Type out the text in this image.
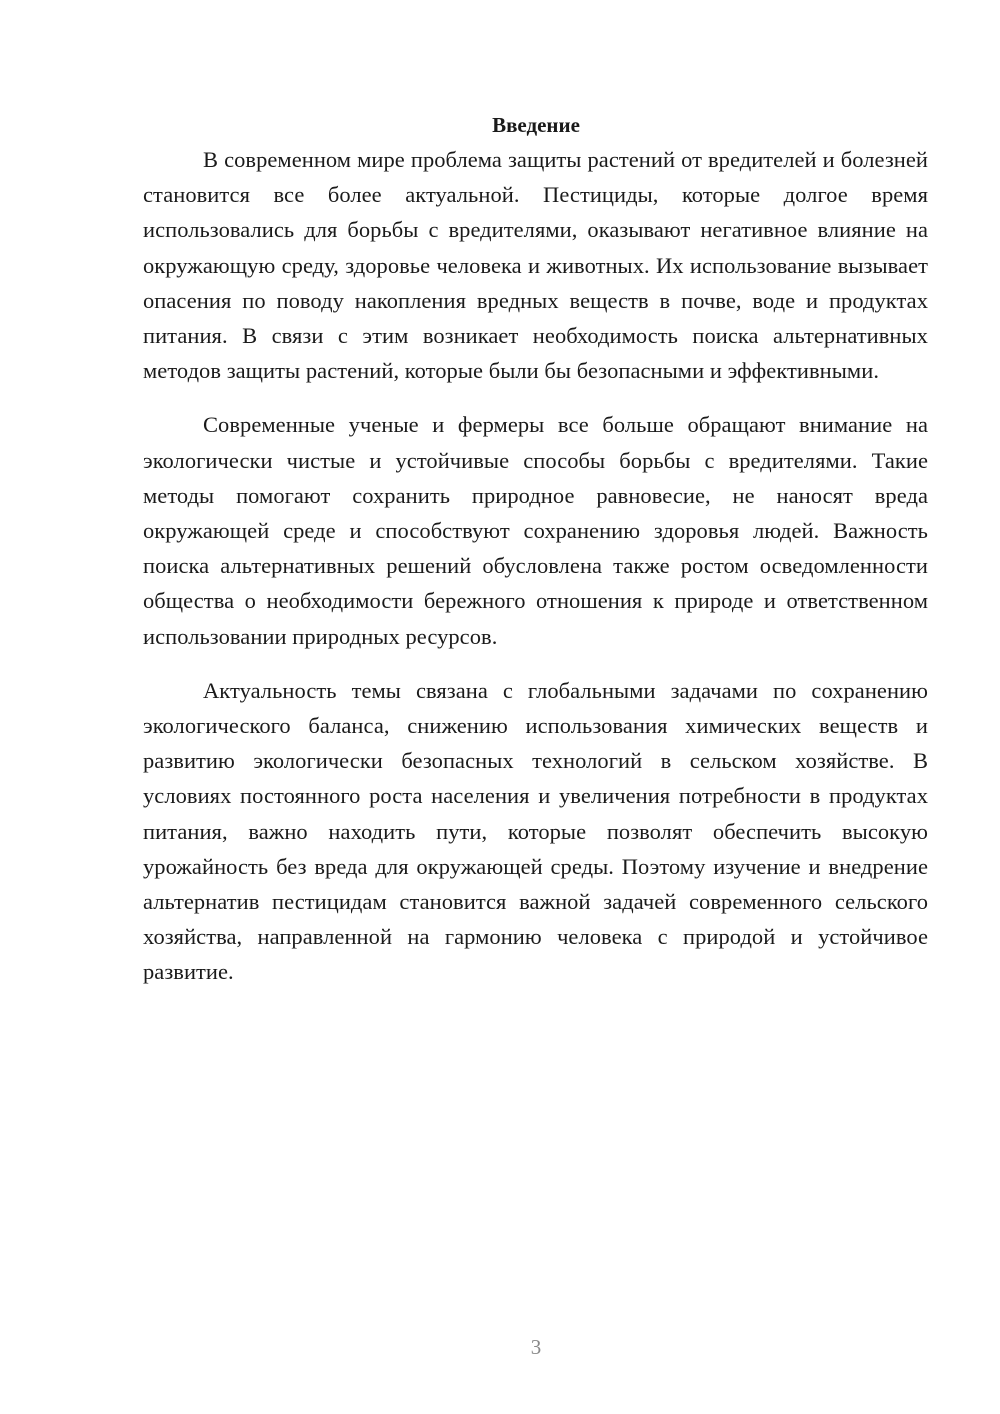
Введение

В современном мире проблема защиты растений от вредителей и болезней становится все более актуальной. Пестициды, которые долгое время использовались для борьбы с вредителями, оказывают негативное влияние на окружающую среду, здоровье человека и животных. Их использование вызывает опасения по поводу накопления вредных веществ в почве, воде и продуктах питания. В связи с этим возникает необходимость поиска альтернативных методов защиты растений, которые были бы безопасными и эффективными.

Современные ученые и фермеры все больше обращают внимание на экологически чистые и устойчивые способы борьбы с вредителями. Такие методы помогают сохранить природное равновесие, не наносят вреда окружающей среде и способствуют сохранению здоровья людей. Важность поиска альтернативных решений обусловлена также ростом осведомленности общества о необходимости бережного отношения к природе и ответственном использовании природных ресурсов.

Актуальность темы связана с глобальными задачами по сохранению экологического баланса, снижению использования химических веществ и развитию экологически безопасных технологий в сельском хозяйстве. В условиях постоянного роста населения и увеличения потребности в продуктах питания, важно находить пути, которые позволят обеспечить высокую урожайность без вреда для окружающей среды. Поэтому изучение и внедрение альтернатив пестицидам становится важной задачей современного сельского хозяйства, направленной на гармонию человека с природой и устойчивое развитие.

3
